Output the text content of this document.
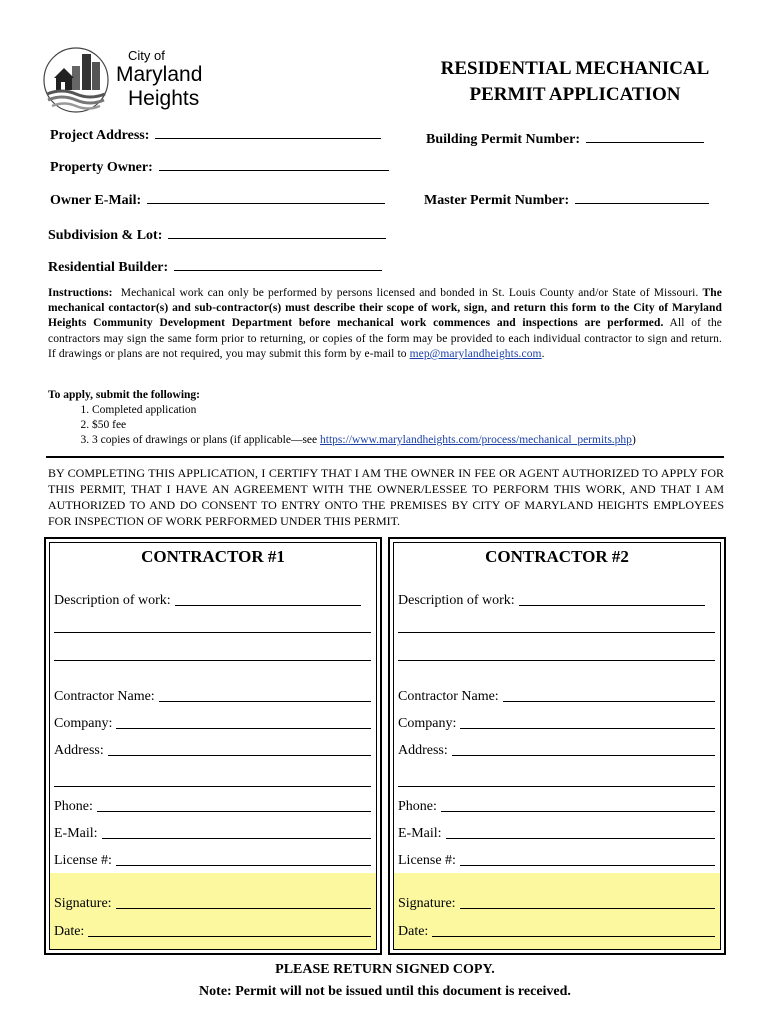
City of
Maryland
Heights
RESIDENTIAL MECHANICAL
PERMIT APPLICATION
Project Address:	Building Permit Number:
Property Owner:
Owner E-Mail:	Master Permit Number:
Subdivision & Lot:
Residential Builder:
Instructions: Mechanical work can only be performed by persons licensed and bonded in St. Louis County and/or State of Missouri. The mechanical contactor(s) and sub-contractor(s) must describe their scope of work, sign, and return this form to the City of Maryland Heights Community Development Department before mechanical work commences and inspections are performed. All of the contractors may sign the same form prior to returning, or copies of the form may be provided to each individual contractor to sign and return. If drawings or plans are not required, you may submit this form by e-mail to mep@marylandheights.com.
To apply, submit the following:
1. Completed application
2. $50 fee
3. 3 copies of drawings or plans (if applicable—see https://www.marylandheights.com/process/mechanical_permits.php)
BY COMPLETING THIS APPLICATION, I CERTIFY THAT I AM THE OWNER IN FEE OR AGENT AUTHORIZED TO APPLY FOR THIS PERMIT, THAT I HAVE AN AGREEMENT WITH THE OWNER/LESSEE TO PERFORM THIS WORK, AND THAT I AM AUTHORIZED TO AND DO CONSENT TO ENTRY ONTO THE PREMISES BY CITY OF MARYLAND HEIGHTS EMPLOYEES FOR INSPECTION OF WORK PERFORMED UNDER THIS PERMIT.
CONTRACTOR #1
Description of work:
Contractor Name:
Company:
Address:
Phone:
E-Mail:
License #:
Signature:
Date:
CONTRACTOR #2
Description of work:
Contractor Name:
Company:
Address:
Phone:
E-Mail:
License #:
Signature:
Date:
PLEASE RETURN SIGNED COPY.
Note: Permit will not be issued until this document is received.
